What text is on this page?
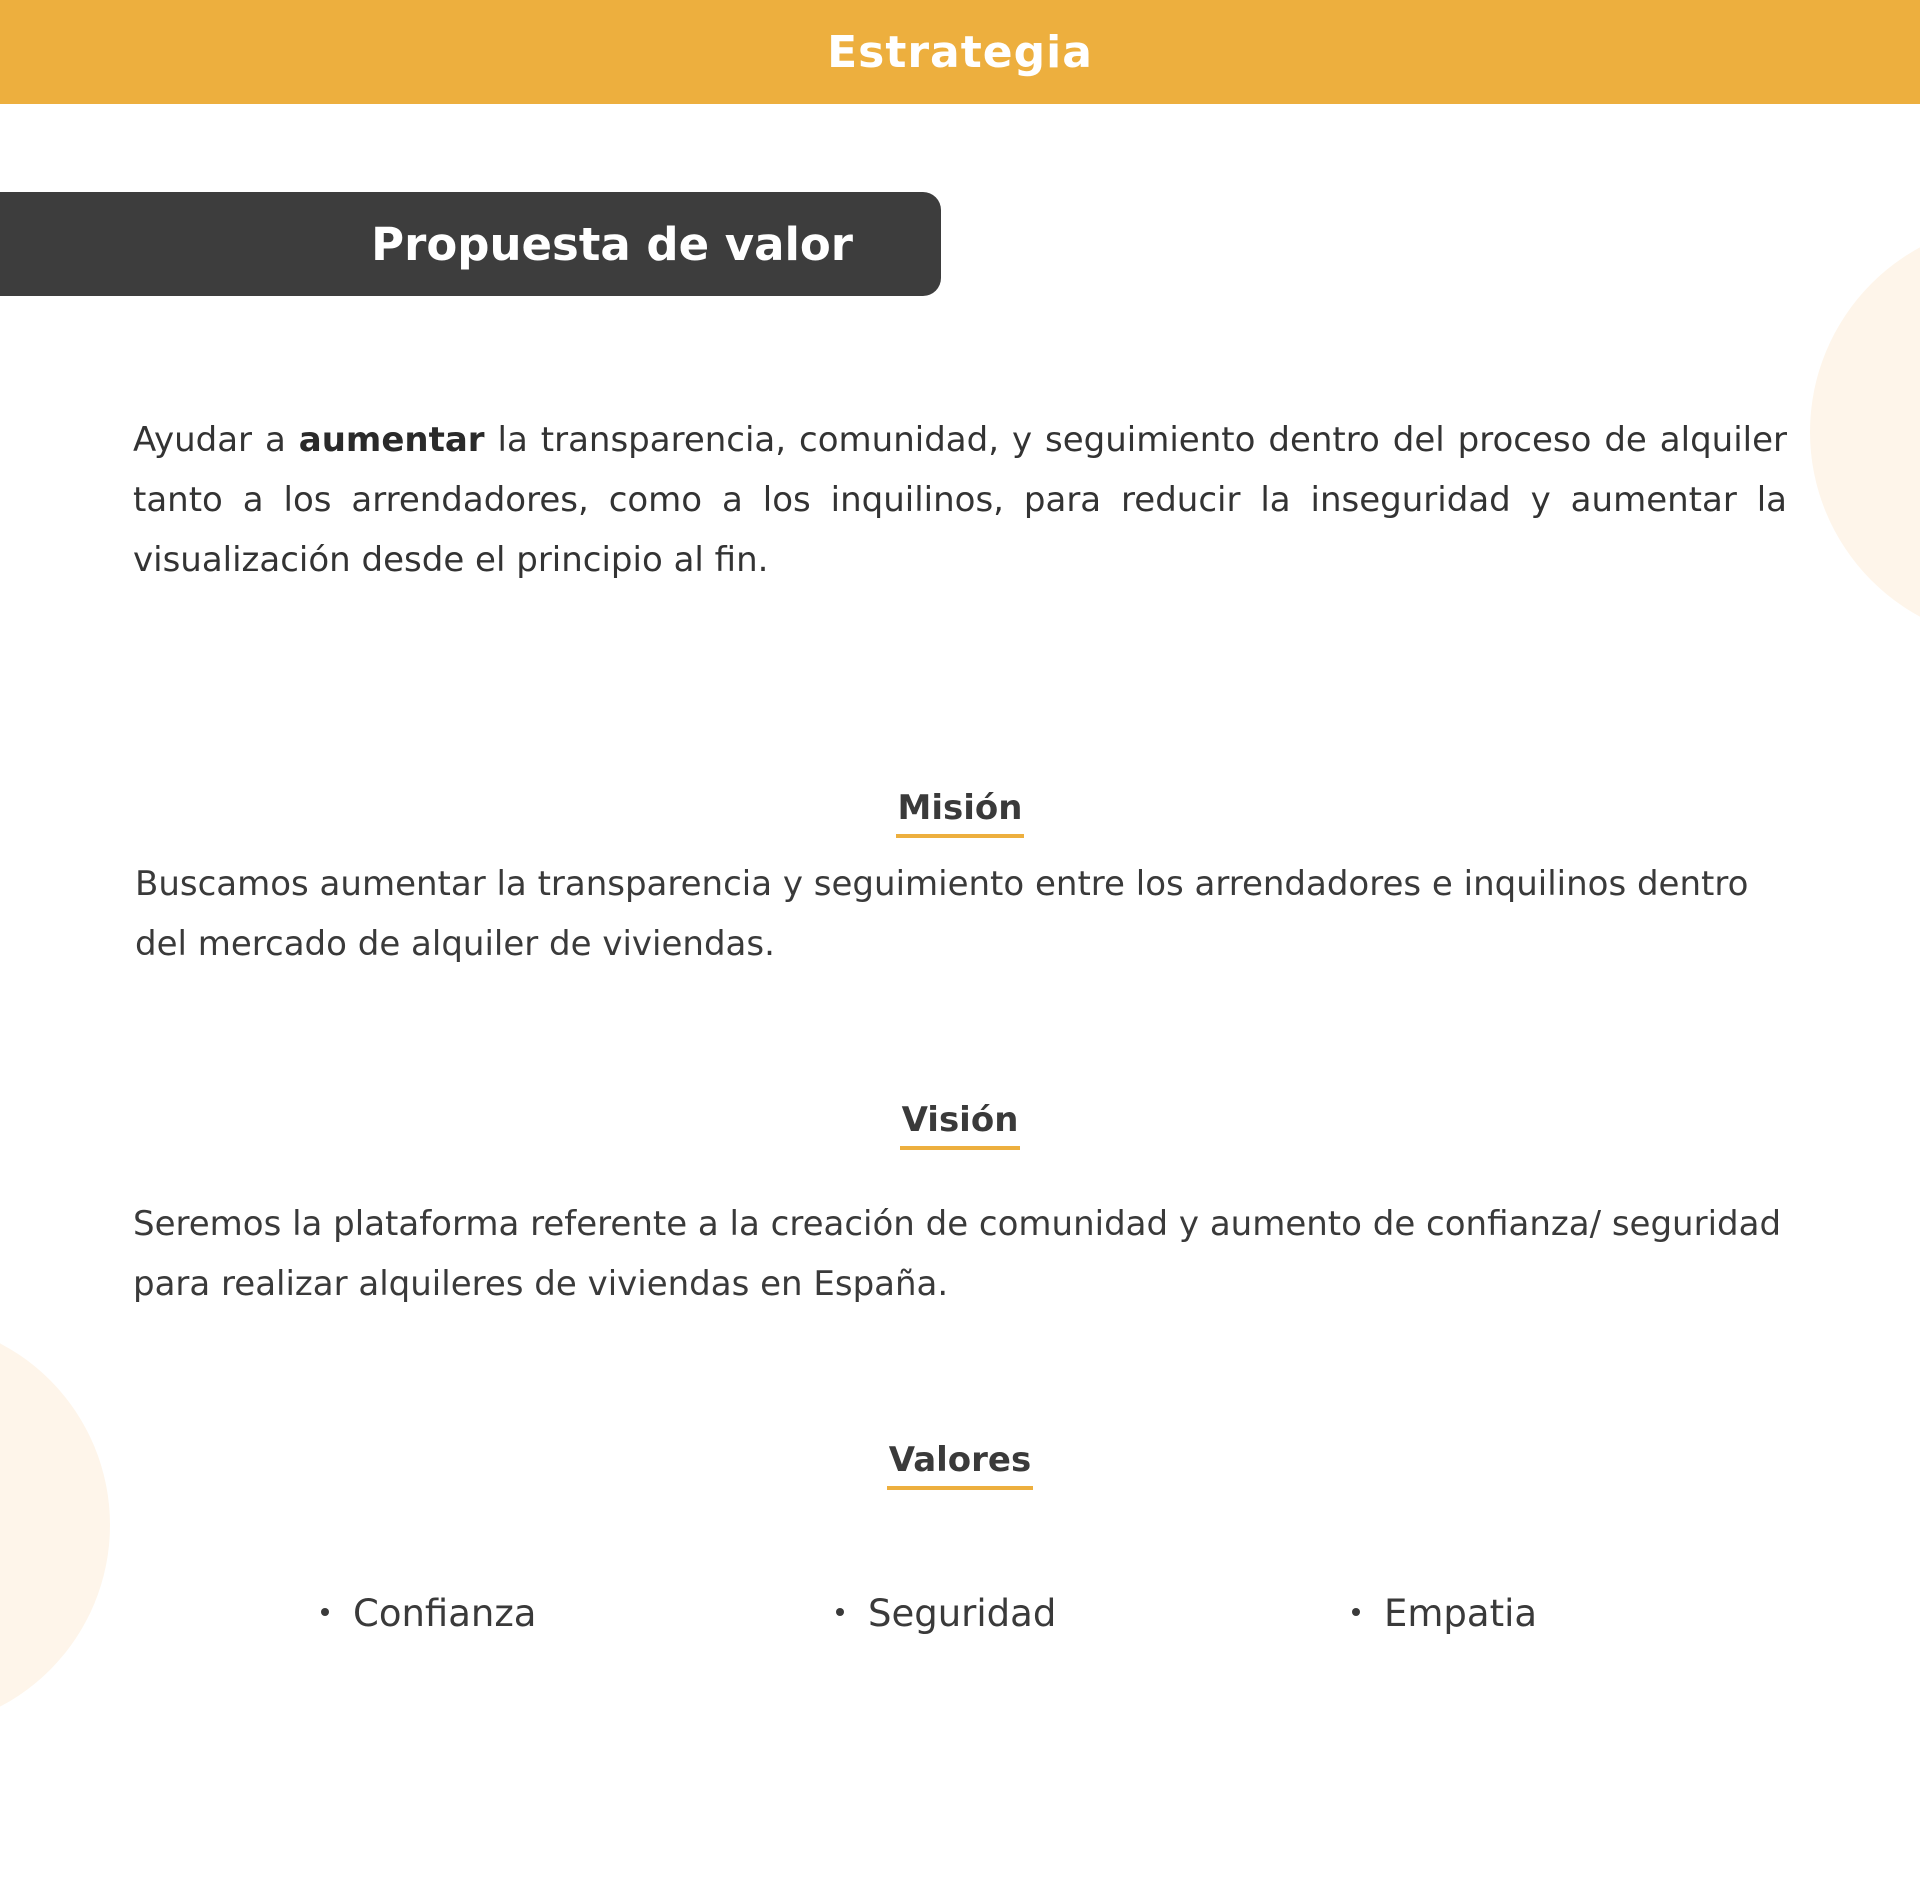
Estrategia
Propuesta de valor

Ayudar a aumentar la transparencia, comunidad, y seguimiento dentro del proceso de alquiler tanto a los arrendadores, como a los inquilinos, para reducir la inseguridad y aumentar la visualización desde el principio al fin.

Misión

Buscamos aumentar la transparencia y seguimiento entre los arrendadores e inquilinos dentro del mercado de alquiler de viviendas.

Visión

Seremos la plataforma referente a la creación de comunidad y aumento de confianza/ seguridad para realizar alquileres de viviendas en España.

Valores
Confianza	Seguridad	Empatia
